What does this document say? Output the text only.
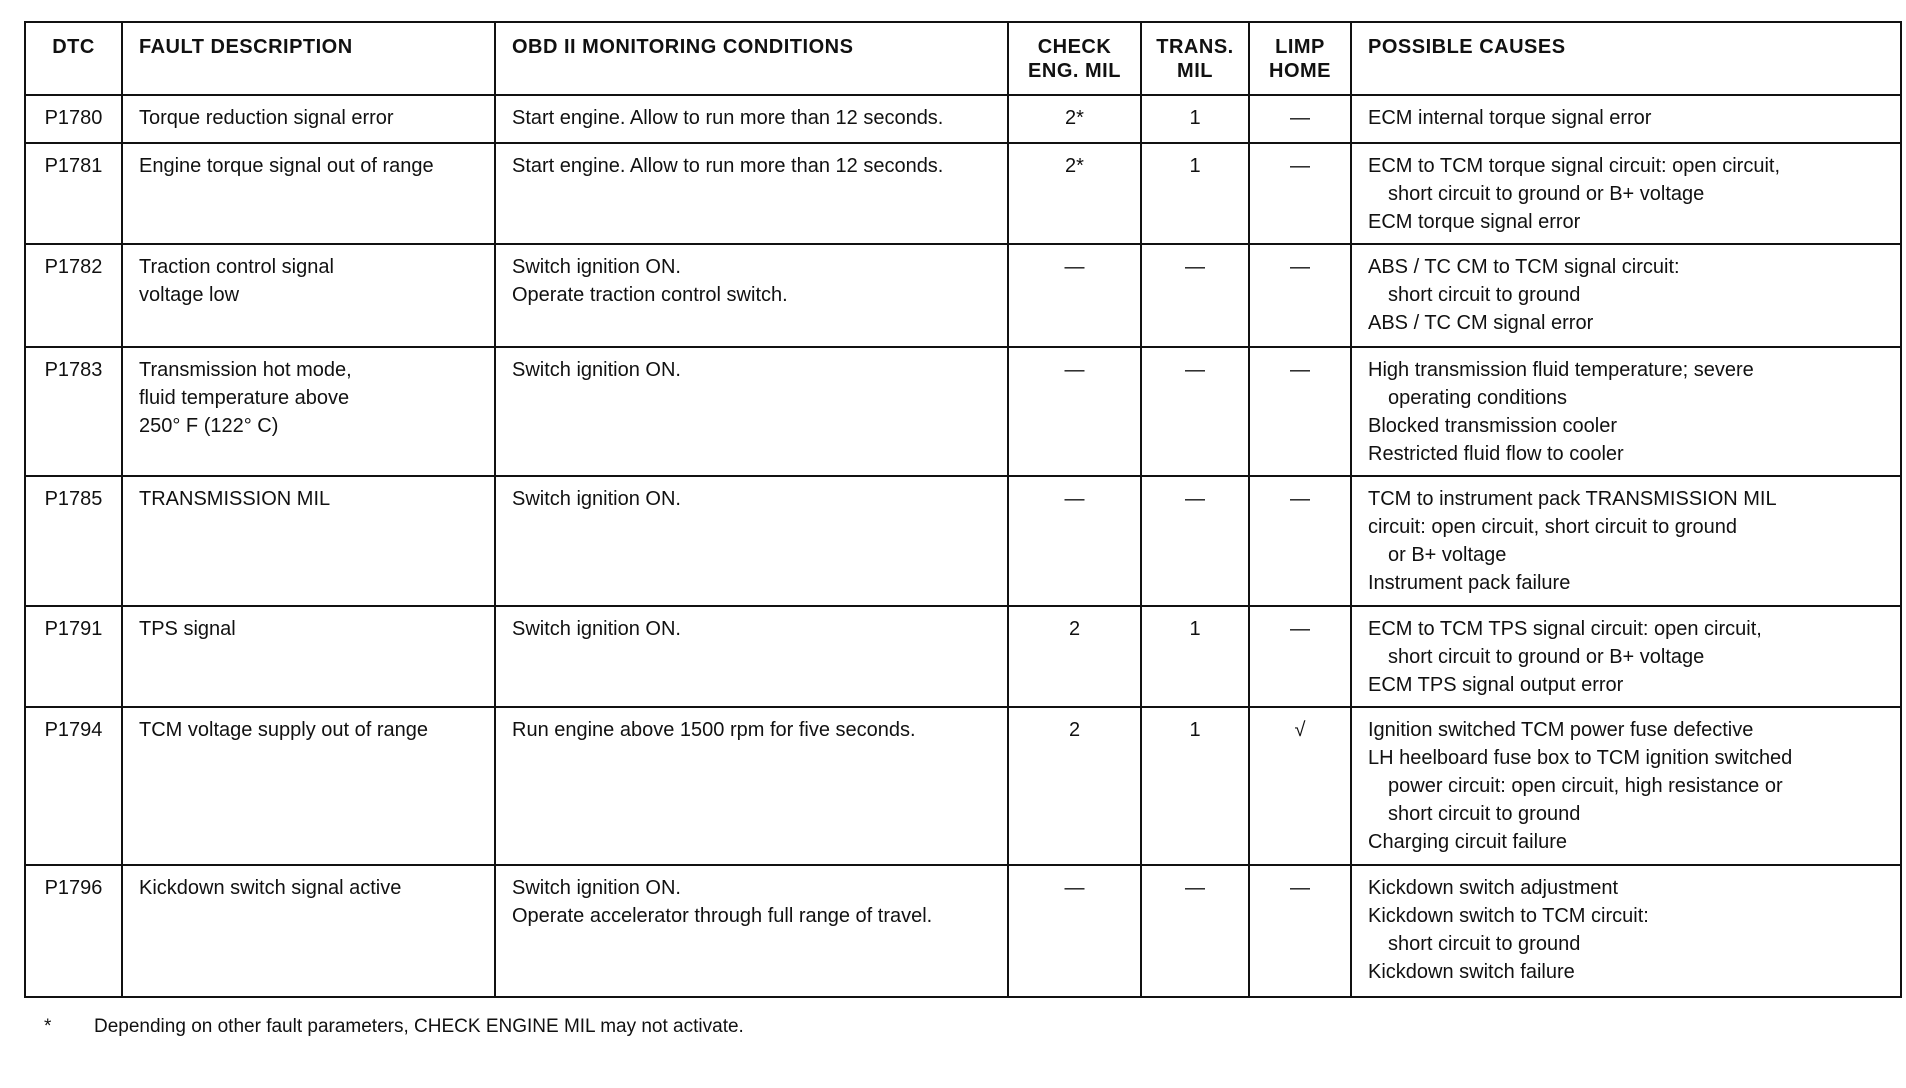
DTC	FAULT DESCRIPTION	OBD II MONITORING CONDITIONS	CHECK
ENG. MIL	TRANS.
MIL	LIMP
HOME	POSSIBLE CAUSES
P1780	Torque reduction signal error	Start engine. Allow to run more than 12 seconds.	2*	1	—	ECM internal torque signal error

P1781	Engine torque signal out of range	Start engine. Allow to run more than 12 seconds.	2*	1	—	ECM to TCM torque signal circuit: open circuit,
short circuit to ground or B+ voltage
ECM torque signal error

P1782	Traction control signal
voltage low	Switch ignition ON.
Operate traction control switch.	—	—	—	ABS / TC CM to TCM signal circuit:
short circuit to ground
ABS / TC CM signal error

P1783	Transmission hot mode,
fluid temperature above
250° F (122° C)	Switch ignition ON.	—	—	—	High transmission fluid temperature; severe
operating conditions
Blocked transmission cooler
Restricted fluid flow to cooler

P1785	TRANSMISSION MIL	Switch ignition ON.	—	—	—	TCM to instrument pack TRANSMISSION MIL
circuit: open circuit, short circuit to ground
or B+ voltage
Instrument pack failure

P1791	TPS signal	Switch ignition ON.	2	1	—	ECM to TCM TPS signal circuit: open circuit,
short circuit to ground or B+ voltage
ECM TPS signal output error

P1794	TCM voltage supply out of range	Run engine above 1500 rpm for five seconds.	2	1	√	Ignition switched TCM power fuse defective
LH heelboard fuse box to TCM ignition switched
power circuit: open circuit, high resistance or
short circuit to ground
Charging circuit failure

P1796	Kickdown switch signal active	Switch ignition ON.
Operate accelerator through full range of travel.	—	—	—	Kickdown switch adjustment
Kickdown switch to TCM circuit:
short circuit to ground
Kickdown switch failure
* Depending on other fault parameters, CHECK ENGINE MIL may not activate.
